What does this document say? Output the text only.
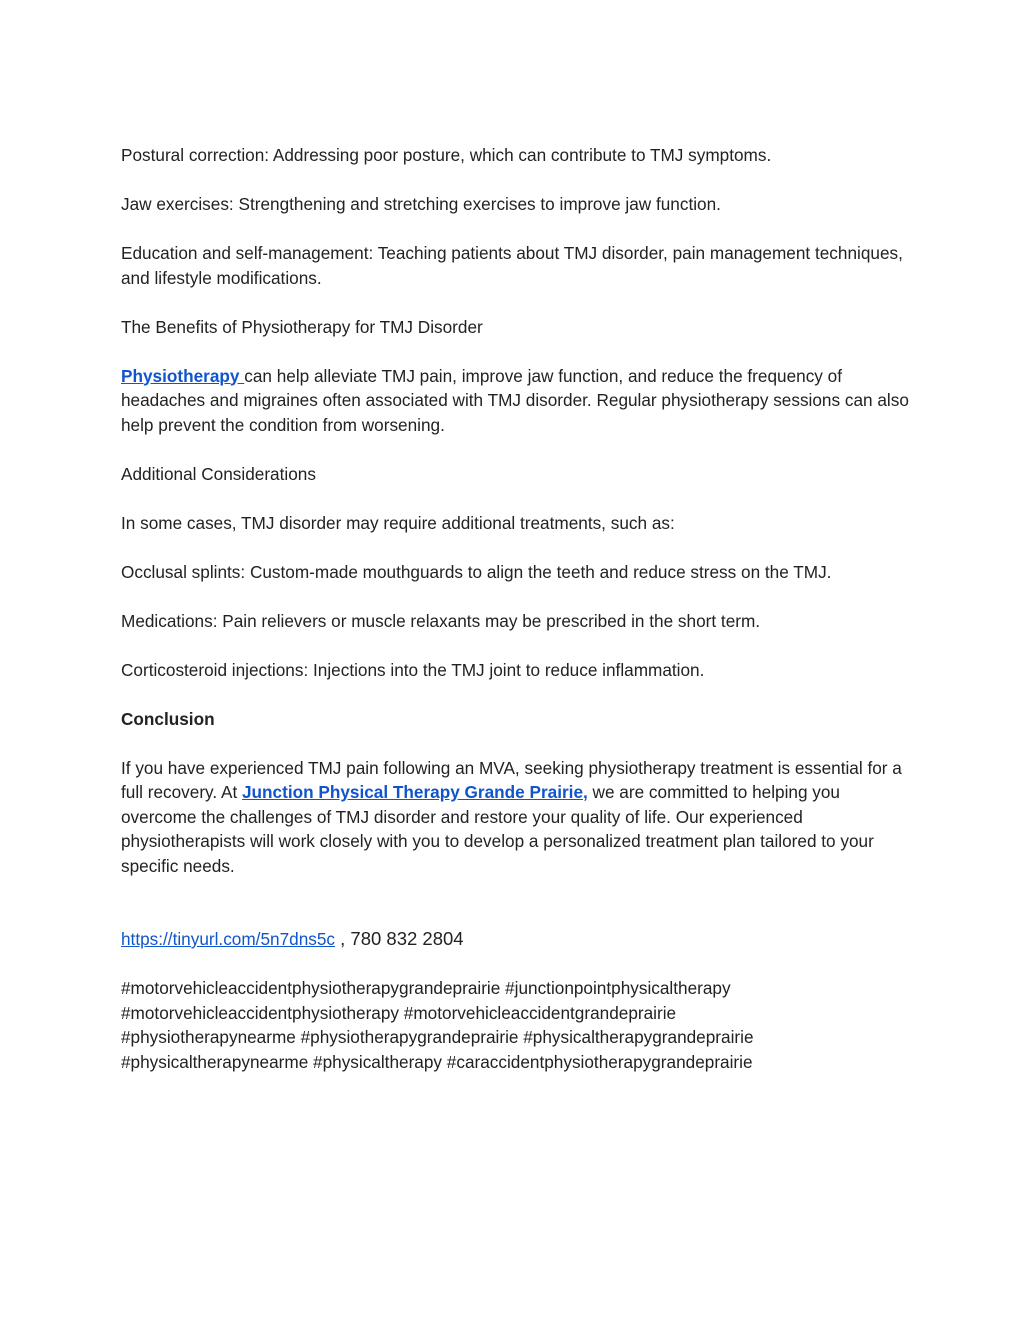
Postural correction: Addressing poor posture, which can contribute to TMJ symptoms.

Jaw exercises: Strengthening and stretching exercises to improve jaw function.

Education and self-management: Teaching patients about TMJ disorder, pain management techniques, and lifestyle modifications.

The Benefits of Physiotherapy for TMJ Disorder

Physiotherapy can help alleviate TMJ pain, improve jaw function, and reduce the frequency of headaches and migraines often associated with TMJ disorder. Regular physiotherapy sessions can also help prevent the condition from worsening.

Additional Considerations

In some cases, TMJ disorder may require additional treatments, such as:

Occlusal splints: Custom-made mouthguards to align the teeth and reduce stress on the TMJ.

Medications: Pain relievers or muscle relaxants may be prescribed in the short term.

Corticosteroid injections: Injections into the TMJ joint to reduce inflammation.

Conclusion

If you have experienced TMJ pain following an MVA, seeking physiotherapy treatment is essential for a full recovery. At Junction Physical Therapy Grande Prairie, we are committed to helping you overcome the challenges of TMJ disorder and restore your quality of life. Our experienced physiotherapists will work closely with you to develop a personalized treatment plan tailored to your specific needs.

https://tinyurl.com/5n7dns5c , 780 832 2804

#motorvehicleaccidentphysiotherapygrandeprairie #junctionpointphysicaltherapy
#motorvehicleaccidentphysiotherapy #motorvehicleaccidentgrandeprairie
#physiotherapynearme #physiotherapygrandeprairie #physicaltherapygrandeprairie
#physicaltherapynearme #physicaltherapy #caraccidentphysiotherapygrandeprairie
